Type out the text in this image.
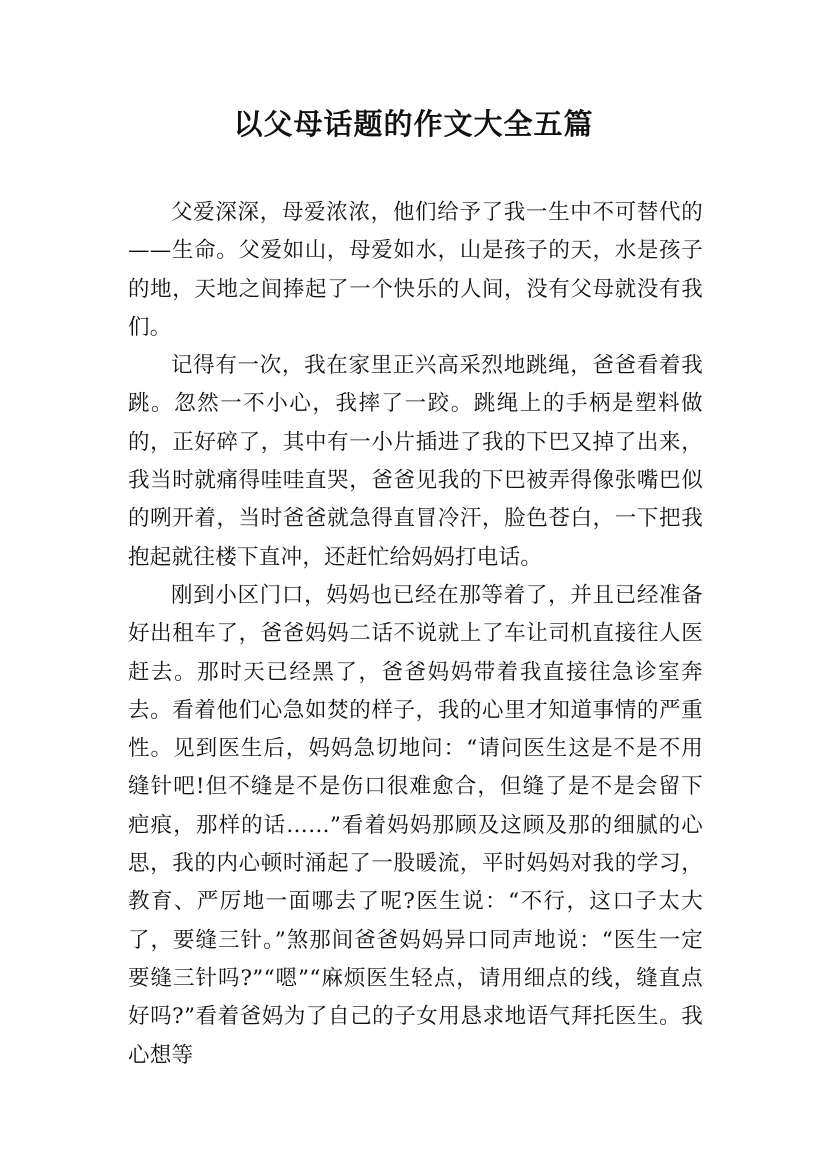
以父母话题的作文大全五篇

父爱深深，母爱浓浓，他们给予了我一生中不可替代的——生命。父爱如山，母爱如水，山是孩子的天，水是孩子的地，天地之间捧起了一个快乐的人间，没有父母就没有我们。

记得有一次，我在家里正兴高采烈地跳绳，爸爸看着我跳。忽然一不小心，我摔了一跤。跳绳上的手柄是塑料做的，正好碎了，其中有一小片插进了我的下巴又掉了出来，我当时就痛得哇哇直哭，爸爸见我的下巴被弄得像张嘴巴似的咧开着，当时爸爸就急得直冒冷汗，脸色苍白，一下把我抱起就往楼下直冲，还赶忙给妈妈打电话。

刚到小区门口，妈妈也已经在那等着了，并且已经准备好出租车了，爸爸妈妈二话不说就上了车让司机直接往人医赶去。那时天已经黑了，爸爸妈妈带着我直接往急诊室奔去。看着他们心急如焚的样子，我的心里才知道事情的严重性。见到医生后，妈妈急切地问：“请问医生这是不是不用缝针吧!但不缝是不是伤口很难愈合，但缝了是不是会留下疤痕，那样的话……”看着妈妈那顾及这顾及那的细腻的心思，我的内心顿时涌起了一股暖流，平时妈妈对我的学习，教育、严厉地一面哪去了呢?医生说：“不行，这口子太大了，要缝三针。”煞那间爸爸妈妈异口同声地说：“医生一定要缝三针吗?”“嗯”“麻烦医生轻点，请用细点的线，缝直点好吗?”看着爸妈为了自己的子女用恳求地语气拜托医生。我心想等
